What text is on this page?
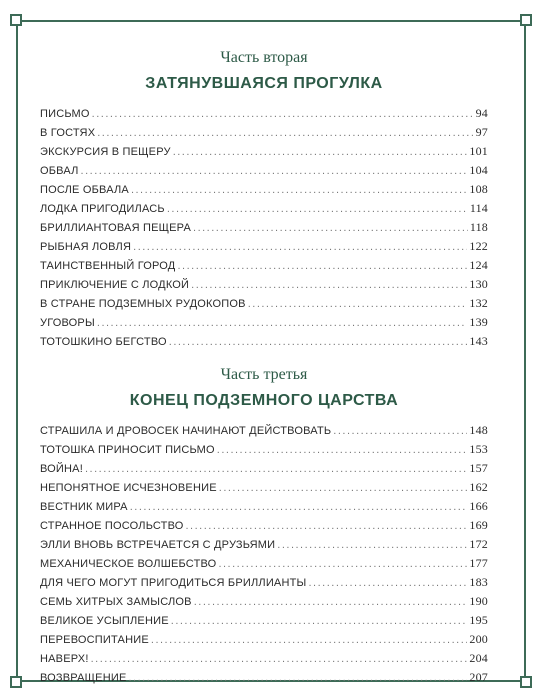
Часть вторая
ЗАТЯНУВШАЯСЯ ПРОГУЛКА
ПИСЬМО .....	94
В ГОСТЯХ .....	97
ЭКСКУРСИЯ В ПЕЩЕРУ .....	101
ОБВАЛ .....	104
ПОСЛЕ ОБВАЛА .....	108
ЛОДКА ПРИГОДИЛАСЬ .....	114
БРИЛЛИАНТОВАЯ ПЕЩЕРА .....	118
РЫБНАЯ ЛОВЛЯ .....	122
ТАИНСТВЕННЫЙ ГОРОД .....	124
ПРИКЛЮЧЕНИЕ С ЛОДКОЙ .....	130
В СТРАНЕ ПОДЗЕМНЫХ РУДОКОПОВ .....	132
УГОВОРЫ .....	139
ТОТОШКИНО БЕГСТВО .....	143
Часть третья
КОНЕЦ ПОДЗЕМНОГО ЦАРСТВА
СТРАШИЛА И ДРОВОСЕК НАЧИНАЮТ ДЕЙСТВОВАТЬ .....	148
ТОТОШКА ПРИНОСИТ ПИСЬМО .....	153
ВОЙНА! .....	157
НЕПОНЯТНОЕ ИСЧЕЗНОВЕНИЕ .....	162
ВЕСТНИК МИРА .....	166
СТРАННОЕ ПОСОЛЬСТВО .....	169
ЭЛЛИ ВНОВЬ ВСТРЕЧАЕТСЯ С ДРУЗЬЯМИ .....	172
МЕХАНИЧЕСКОЕ ВОЛШЕБСТВО .....	177
ДЛЯ ЧЕГО МОГУТ ПРИГОДИТЬСЯ БРИЛЛИАНТЫ .....	183
СЕМЬ ХИТРЫХ ЗАМЫСЛОВ .....	190
ВЕЛИКОЕ УСЫПЛЕНИЕ .....	195
ПЕРЕВОСПИТАНИЕ .....	200
НАВЕРХ! .....	204
ВОЗВРАЩЕНИЕ .....	207
